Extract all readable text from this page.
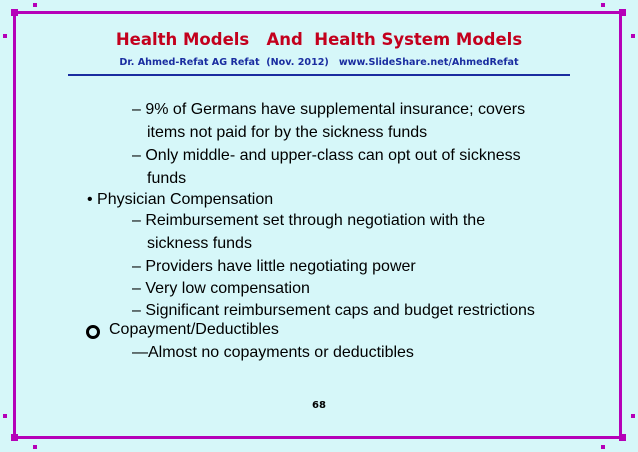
Health Models   And  Health System Models
Dr. Ahmed-Refat AG Refat  (Nov. 2012)   www.SlideShare.net/AhmedRefat
– 9% of Germans have supplemental insurance; covers
items not paid for by the sickness funds
– Only middle- and upper-class can opt out of sickness
funds
• Physician Compensation
– Reimbursement set through negotiation with the
sickness funds
– Providers have little negotiating power
– Very low compensation
– Significant reimbursement caps and budget restrictions
Copayment/Deductibles
—Almost no copayments or deductibles
68
